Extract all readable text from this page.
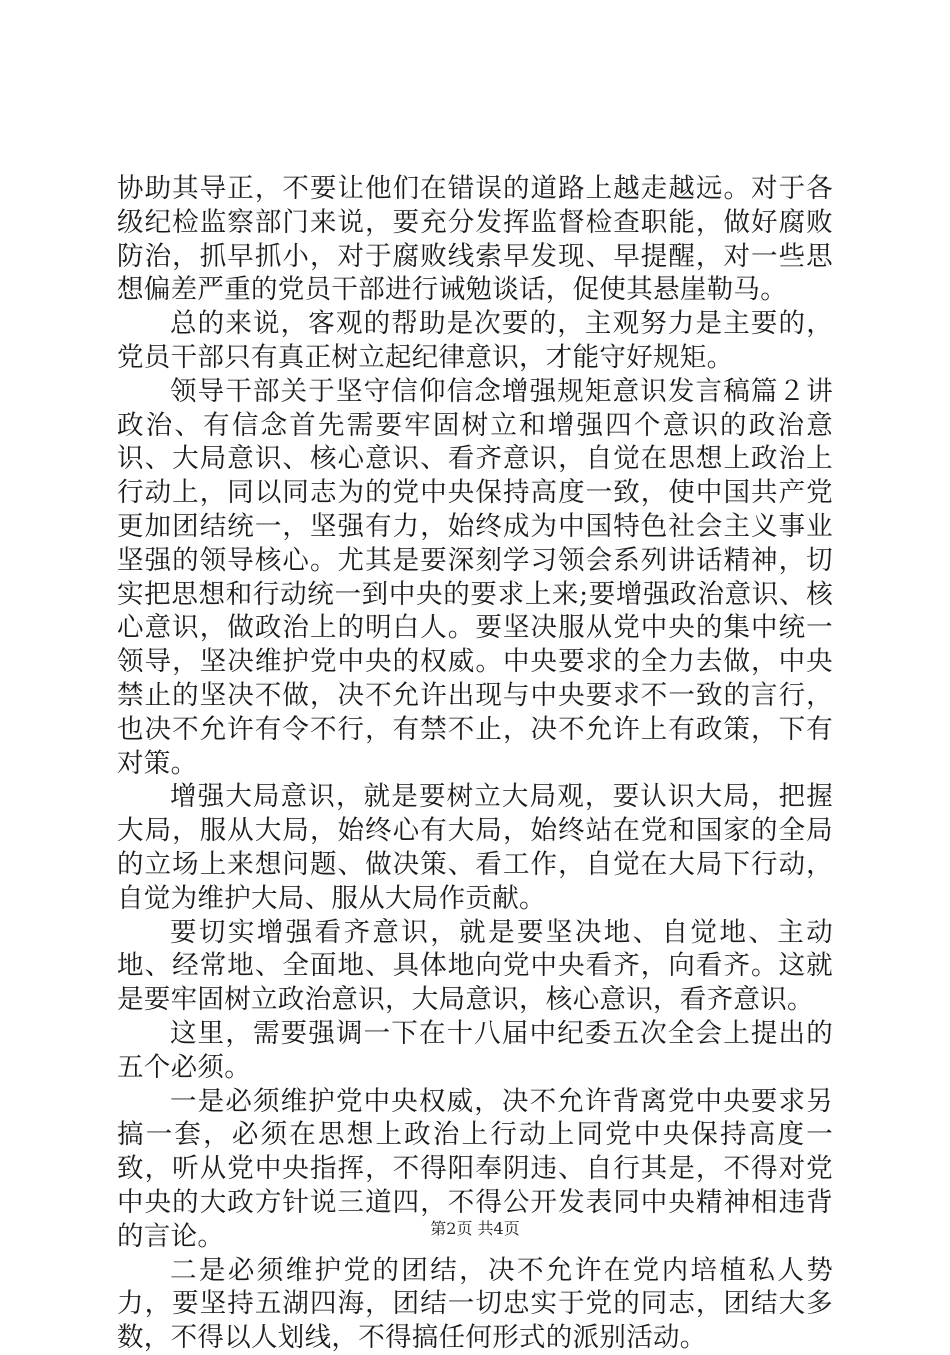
协助其导正，不要让他们在错误的道路上越走越远。对于各级纪检监察部门来说，要充分发挥监督检查职能，做好腐败防治，抓早抓小，对于腐败线索早发现、早提醒，对一些思想偏差严重的党员干部进行诫勉谈话，促使其悬崖勒马。

总的来说，客观的帮助是次要的，主观努力是主要的，党员干部只有真正树立起纪律意识，才能守好规矩。

领导干部关于坚守信仰信念增强规矩意识发言稿篇２讲政治、有信念首先需要牢固树立和增强四个意识的政治意识、大局意识、核心意识、看齐意识，自觉在思想上政治上行动上，同以同志为的党中央保持高度一致，使中国共产党更加团结统一，坚强有力，始终成为中国特色社会主义事业坚强的领导核心。尤其是要深刻学习领会系列讲话精神，切实把思想和行动统一到中央的要求上来;要增强政治意识、核心意识，做政治上的明白人。要坚决服从党中央的集中统一领导，坚决维护党中央的权威。中央要求的全力去做，中央禁止的坚决不做，决不允许出现与中央要求不一致的言行，也决不允许有令不行，有禁不止，决不允许上有政策，下有对策。

增强大局意识，就是要树立大局观，要认识大局，把握大局，服从大局，始终心有大局，始终站在党和国家的全局的立场上来想问题、做决策、看工作，自觉在大局下行动，自觉为维护大局、服从大局作贡献。

要切实增强看齐意识，就是要坚决地、自觉地、主动地、经常地、全面地、具体地向党中央看齐，向看齐。这就是要牢固树立政治意识，大局意识，核心意识，看齐意识。

这里，需要强调一下在十八届中纪委五次全会上提出的五个必须。

一是必须维护党中央权威，决不允许背离党中央要求另搞一套，必须在思想上政治上行动上同党中央保持高度一致，听从党中央指挥，不得阳奉阴违、自行其是，不得对党中央的大政方针说三道四，不得公开发表同中央精神相违背的言论。

二是必须维护党的团结，决不允许在党内培植私人势力，要坚持五湖四海，团结一切忠实于党的同志，团结大多数，不得以人划线，不得搞任何形式的派别活动。

第2页 共4页
